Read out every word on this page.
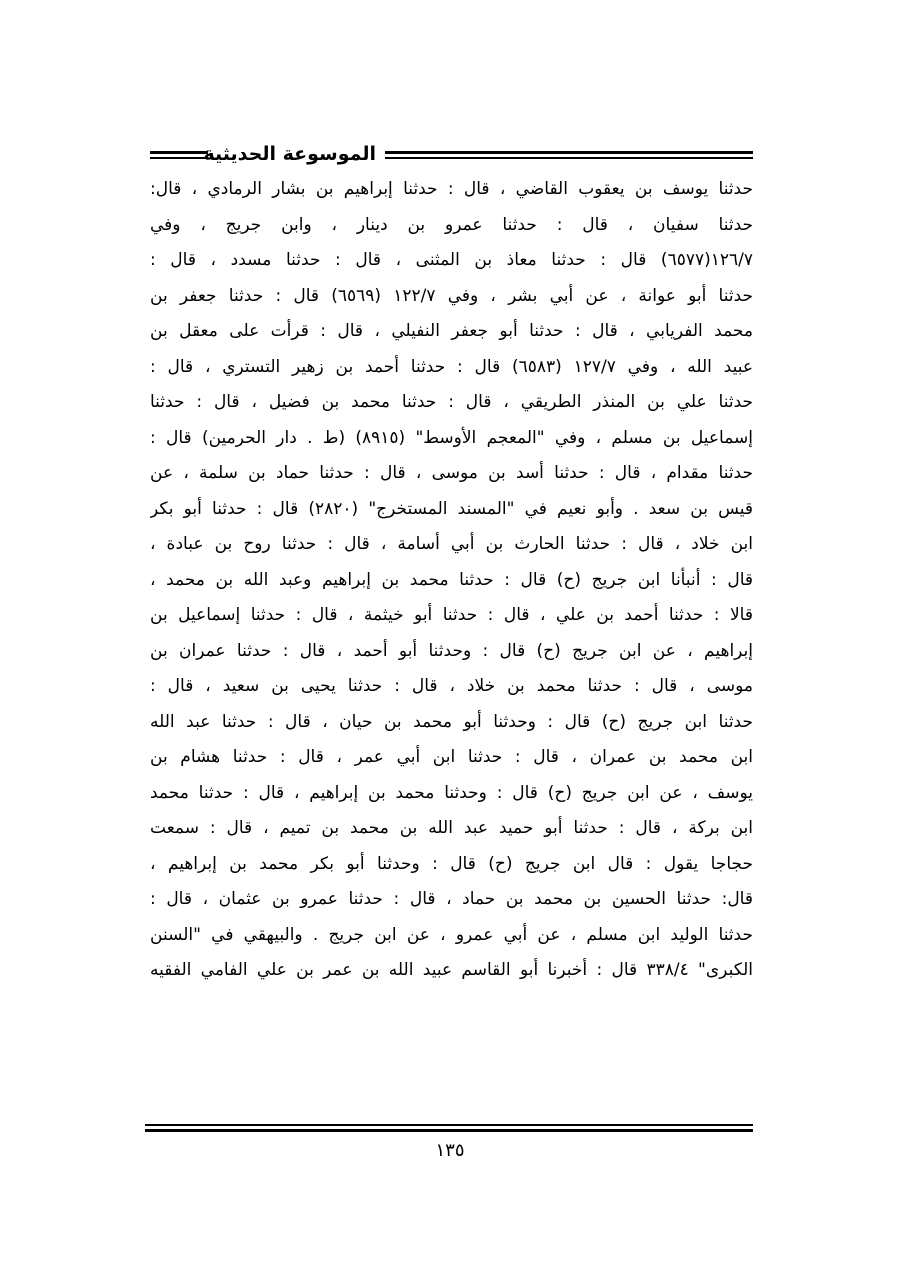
الموسوعة الحديثية
حدثنا يوسف بن يعقوب القاضي ، قال : حدثنا إبراهيم بن بشار الرمادي ، قال:
حدثنا سفيان ، قال : حدثنا عمرو بن دينار ، وابن جريج ، وفي
١٢٦/٧(٦٥٧٧) قال : حدثنا معاذ بن المثنى ، قال : حدثنا مسدد ، قال :
حدثنا أبو عوانة ، عن أبي بشر ، وفي ١٢٢/٧ (٦٥٦٩) قال : حدثنا جعفر بن
محمد الفريابي ، قال : حدثنا أبو جعفر النفيلي ، قال : قرأت على معقل بن
عبيد الله ، وفي ١٢٧/٧ (٦٥٨٣) قال : حدثنا أحمد بن زهير التستري ، قال :
حدثنا علي بن المنذر الطريقي ، قال : حدثنا محمد بن فضيل ، قال : حدثنا
إسماعيل بن مسلم ، وفي "المعجم الأوسط" (٨٩١٥) (ط . دار الحرمين) قال :
حدثنا مقدام ، قال : حدثنا أسد بن موسى ، قال : حدثنا حماد بن سلمة ، عن
قيس بن سعد . وأبو نعيم في "المسند المستخرج" (٢٨٢٠) قال : حدثنا أبو بكر
ابن خلاد ، قال : حدثنا الحارث بن أبي أسامة ، قال : حدثنا روح بن عبادة ،
قال : أنبأنا ابن جريج (ح) قال : حدثنا محمد بن إبراهيم وعبد الله بن محمد ،
قالا : حدثنا أحمد بن علي ، قال : حدثنا أبو خيثمة ، قال : حدثنا إسماعيل بن
إبراهيم ، عن ابن جريج (ح) قال : وحدثنا أبو أحمد ، قال : حدثنا عمران بن
موسى ، قال : حدثنا محمد بن خلاد ، قال : حدثنا يحيى بن سعيد ، قال :
حدثنا ابن جريج (ح) قال : وحدثنا أبو محمد بن حيان ، قال : حدثنا عبد الله
ابن محمد بن عمران ، قال : حدثنا ابن أبي عمر ، قال : حدثنا هشام بن
يوسف ، عن ابن جريج (ح) قال : وحدثنا محمد بن إبراهيم ، قال : حدثنا محمد
ابن بركة ، قال : حدثنا أبو حميد عبد الله بن محمد بن تميم ، قال : سمعت
حجاجا يقول : قال ابن جريج (ح) قال : وحدثنا أبو بكر محمد بن إبراهيم ،
قال: حدثنا الحسين بن محمد بن حماد ، قال : حدثنا عمرو بن عثمان ، قال :
حدثنا الوليد ابن مسلم ، عن أبي عمرو ، عن ابن جريج . والبيهقي في "السنن
الكبرى" ٣٣٨/٤ قال : أخبرنا أبو القاسم عبيد الله بن عمر بن علي الفامي الفقيه
١٣٥
